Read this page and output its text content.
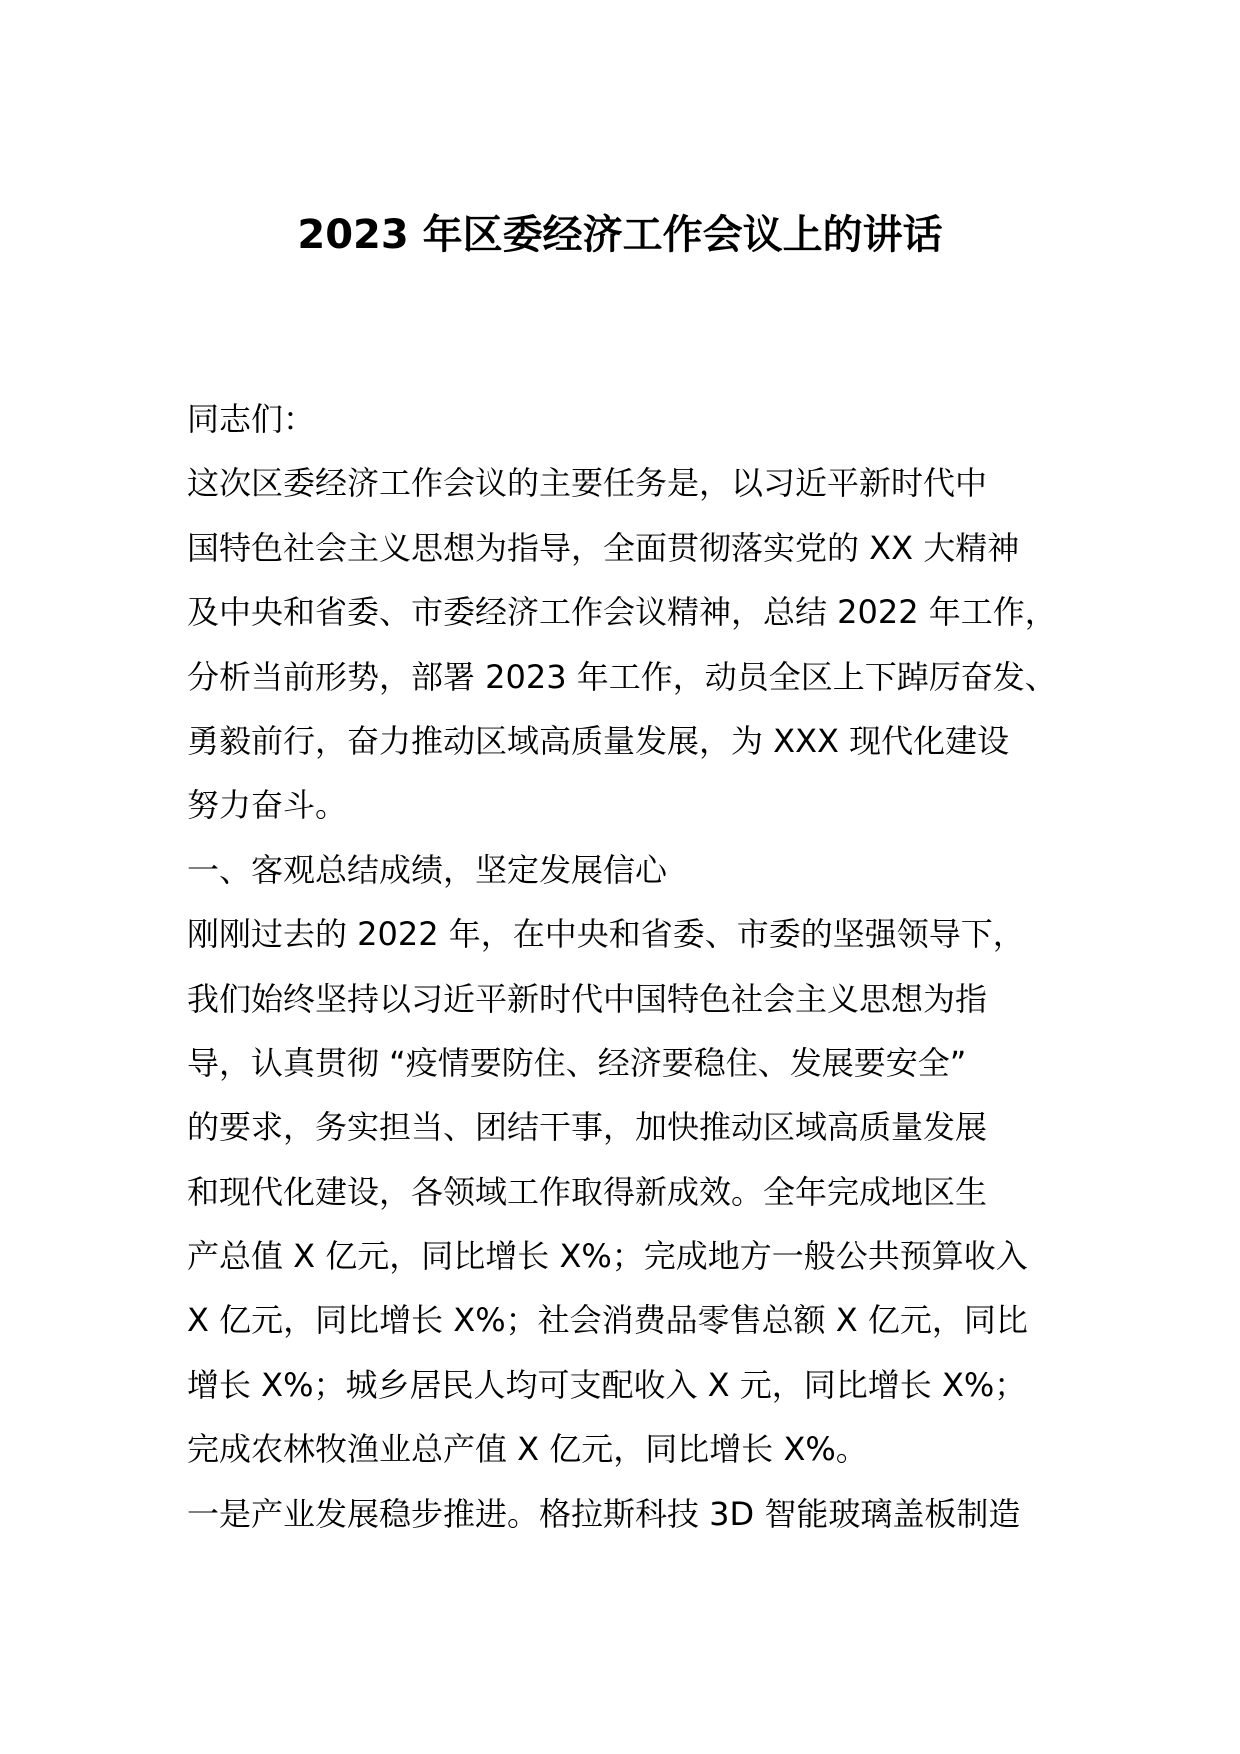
2023 年区委经济工作会议上的讲话
同志们：
这次区委经济工作会议的主要任务是，以习近平新时代中
国特色社会主义思想为指导，全面贯彻落实党的 XX 大精神
及中央和省委、市委经济工作会议精神，总结 2022 年工作，
分析当前形势，部署 2023 年工作，动员全区上下踔厉奋发、
勇毅前行，奋力推动区域高质量发展，为 XXX 现代化建设
努力奋斗。
一、客观总结成绩，坚定发展信心
刚刚过去的 2022 年，在中央和省委、市委的坚强领导下，
我们始终坚持以习近平新时代中国特色社会主义思想为指
导，认真贯彻 “疫情要防住、经济要稳住、发展要安全”
的要求，务实担当、团结干事，加快推动区域高质量发展
和现代化建设，各领域工作取得新成效。全年完成地区生
产总值 X 亿元，同比增长 X%；完成地方一般公共预算收入
X 亿元，同比增长 X%；社会消费品零售总额 X 亿元，同比
增长 X%；城乡居民人均可支配收入 X 元，同比增长 X%；
完成农林牧渔业总产值 X 亿元，同比增长 X%。
一是产业发展稳步推进。格拉斯科技 3D 智能玻璃盖板制造
